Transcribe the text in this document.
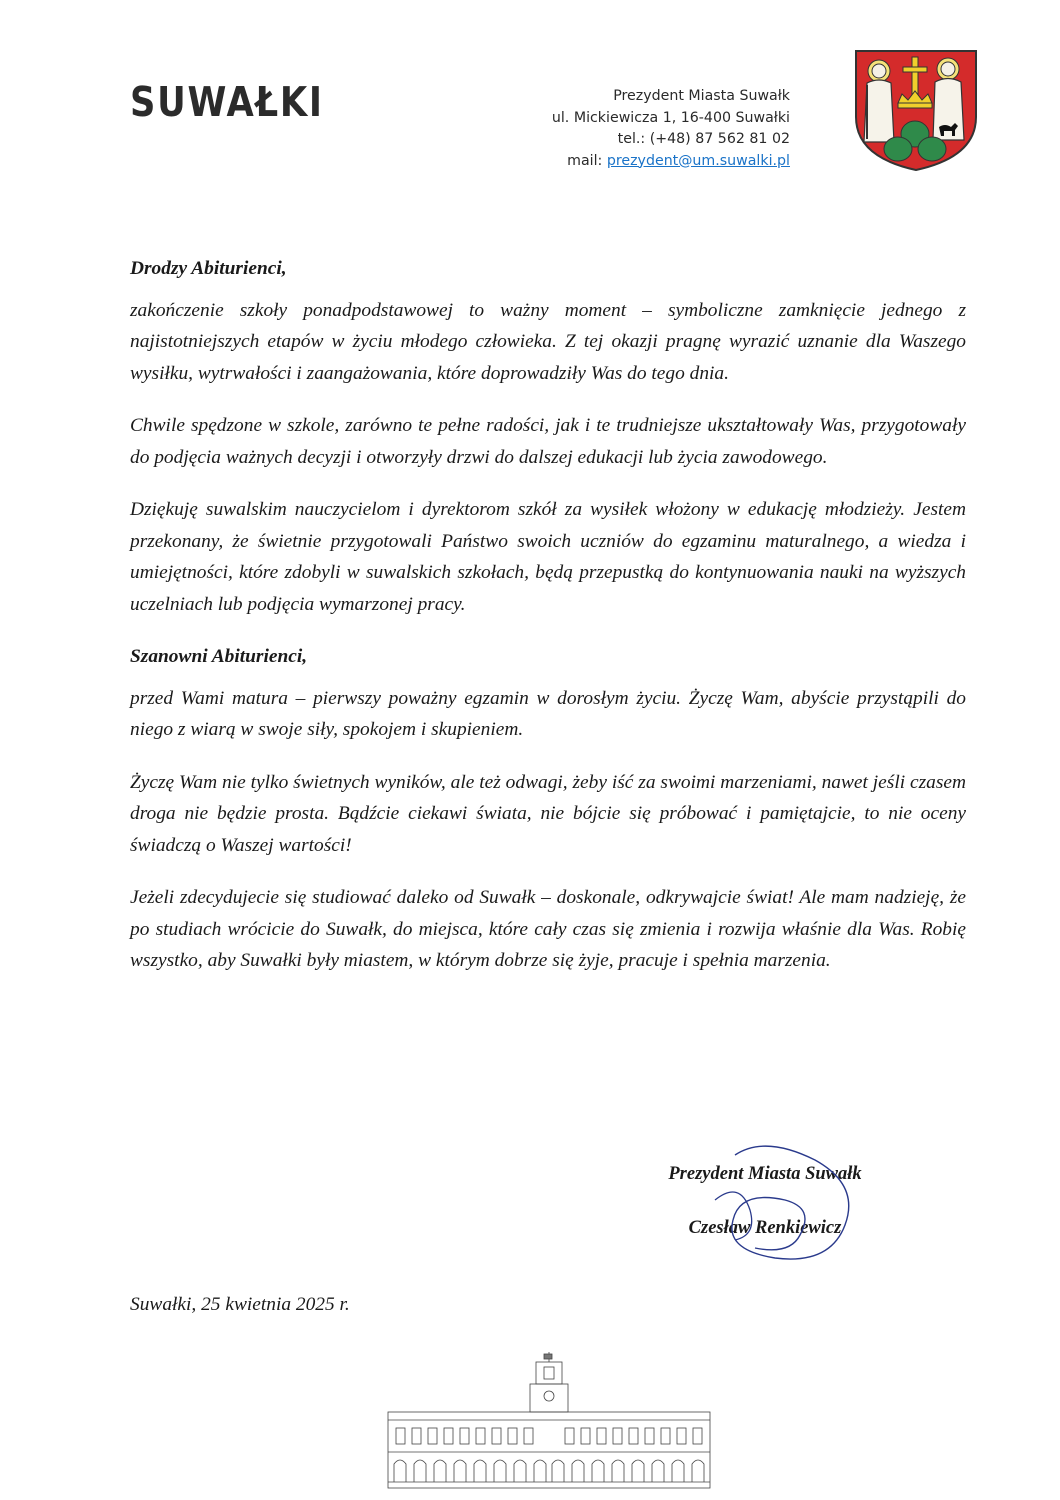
SUWAŁKI	Prezydent Miasta Suwałk
ul. Mickiewicza 1, 16-400 Suwałki
tel.: (+48) 87 562 81 02
mail: prezydent@um.suwalki.pl

Drodzy Abiturienci,

zakończenie szkoły ponadpodstawowej to ważny moment – symboliczne zamknięcie jednego z najistotniejszych etapów w życiu młodego człowieka. Z tej okazji pragnę wyrazić uznanie dla Waszego wysiłku, wytrwałości i zaangażowania, które doprowadziły Was do tego dnia.

Chwile spędzone w szkole, zarówno te pełne radości, jak i te trudniejsze ukształtowały Was, przygotowały do podjęcia ważnych decyzji i otworzyły drzwi do dalszej edukacji lub życia zawodowego.

Dziękuję suwalskim nauczycielom i dyrektorom szkół za wysiłek włożony w edukację młodzieży. Jestem przekonany, że świetnie przygotowali Państwo swoich uczniów do egzaminu maturalnego, a wiedza i umiejętności, które zdobyli w suwalskich szkołach, będą przepustką do kontynuowania nauki na wyższych uczelniach lub podjęcia wymarzonej pracy.

Szanowni Abiturienci,

przed Wami matura – pierwszy poważny egzamin w dorosłym życiu. Życzę Wam, abyście przystąpili do niego z wiarą w swoje siły, spokojem i skupieniem.

Życzę Wam nie tylko świetnych wyników, ale też odwagi, żeby iść za swoimi marzeniami, nawet jeśli czasem droga nie będzie prosta. Bądźcie ciekawi świata, nie bójcie się próbować i pamiętajcie, to nie oceny świadczą o Waszej wartości!

Jeżeli zdecydujecie się studiować daleko od Suwałk – doskonale, odkrywajcie świat! Ale mam nadzieję, że po studiach wrócicie do Suwałk, do miejsca, które cały czas się zmienia i rozwija właśnie dla Was. Robię wszystko, aby Suwałki były miastem, w którym dobrze się żyje, pracuje i spełnia marzenia.

Prezydent Miasta Suwałk
Czesław Renkiewicz
Suwałki, 25 kwietnia 2025 r.
